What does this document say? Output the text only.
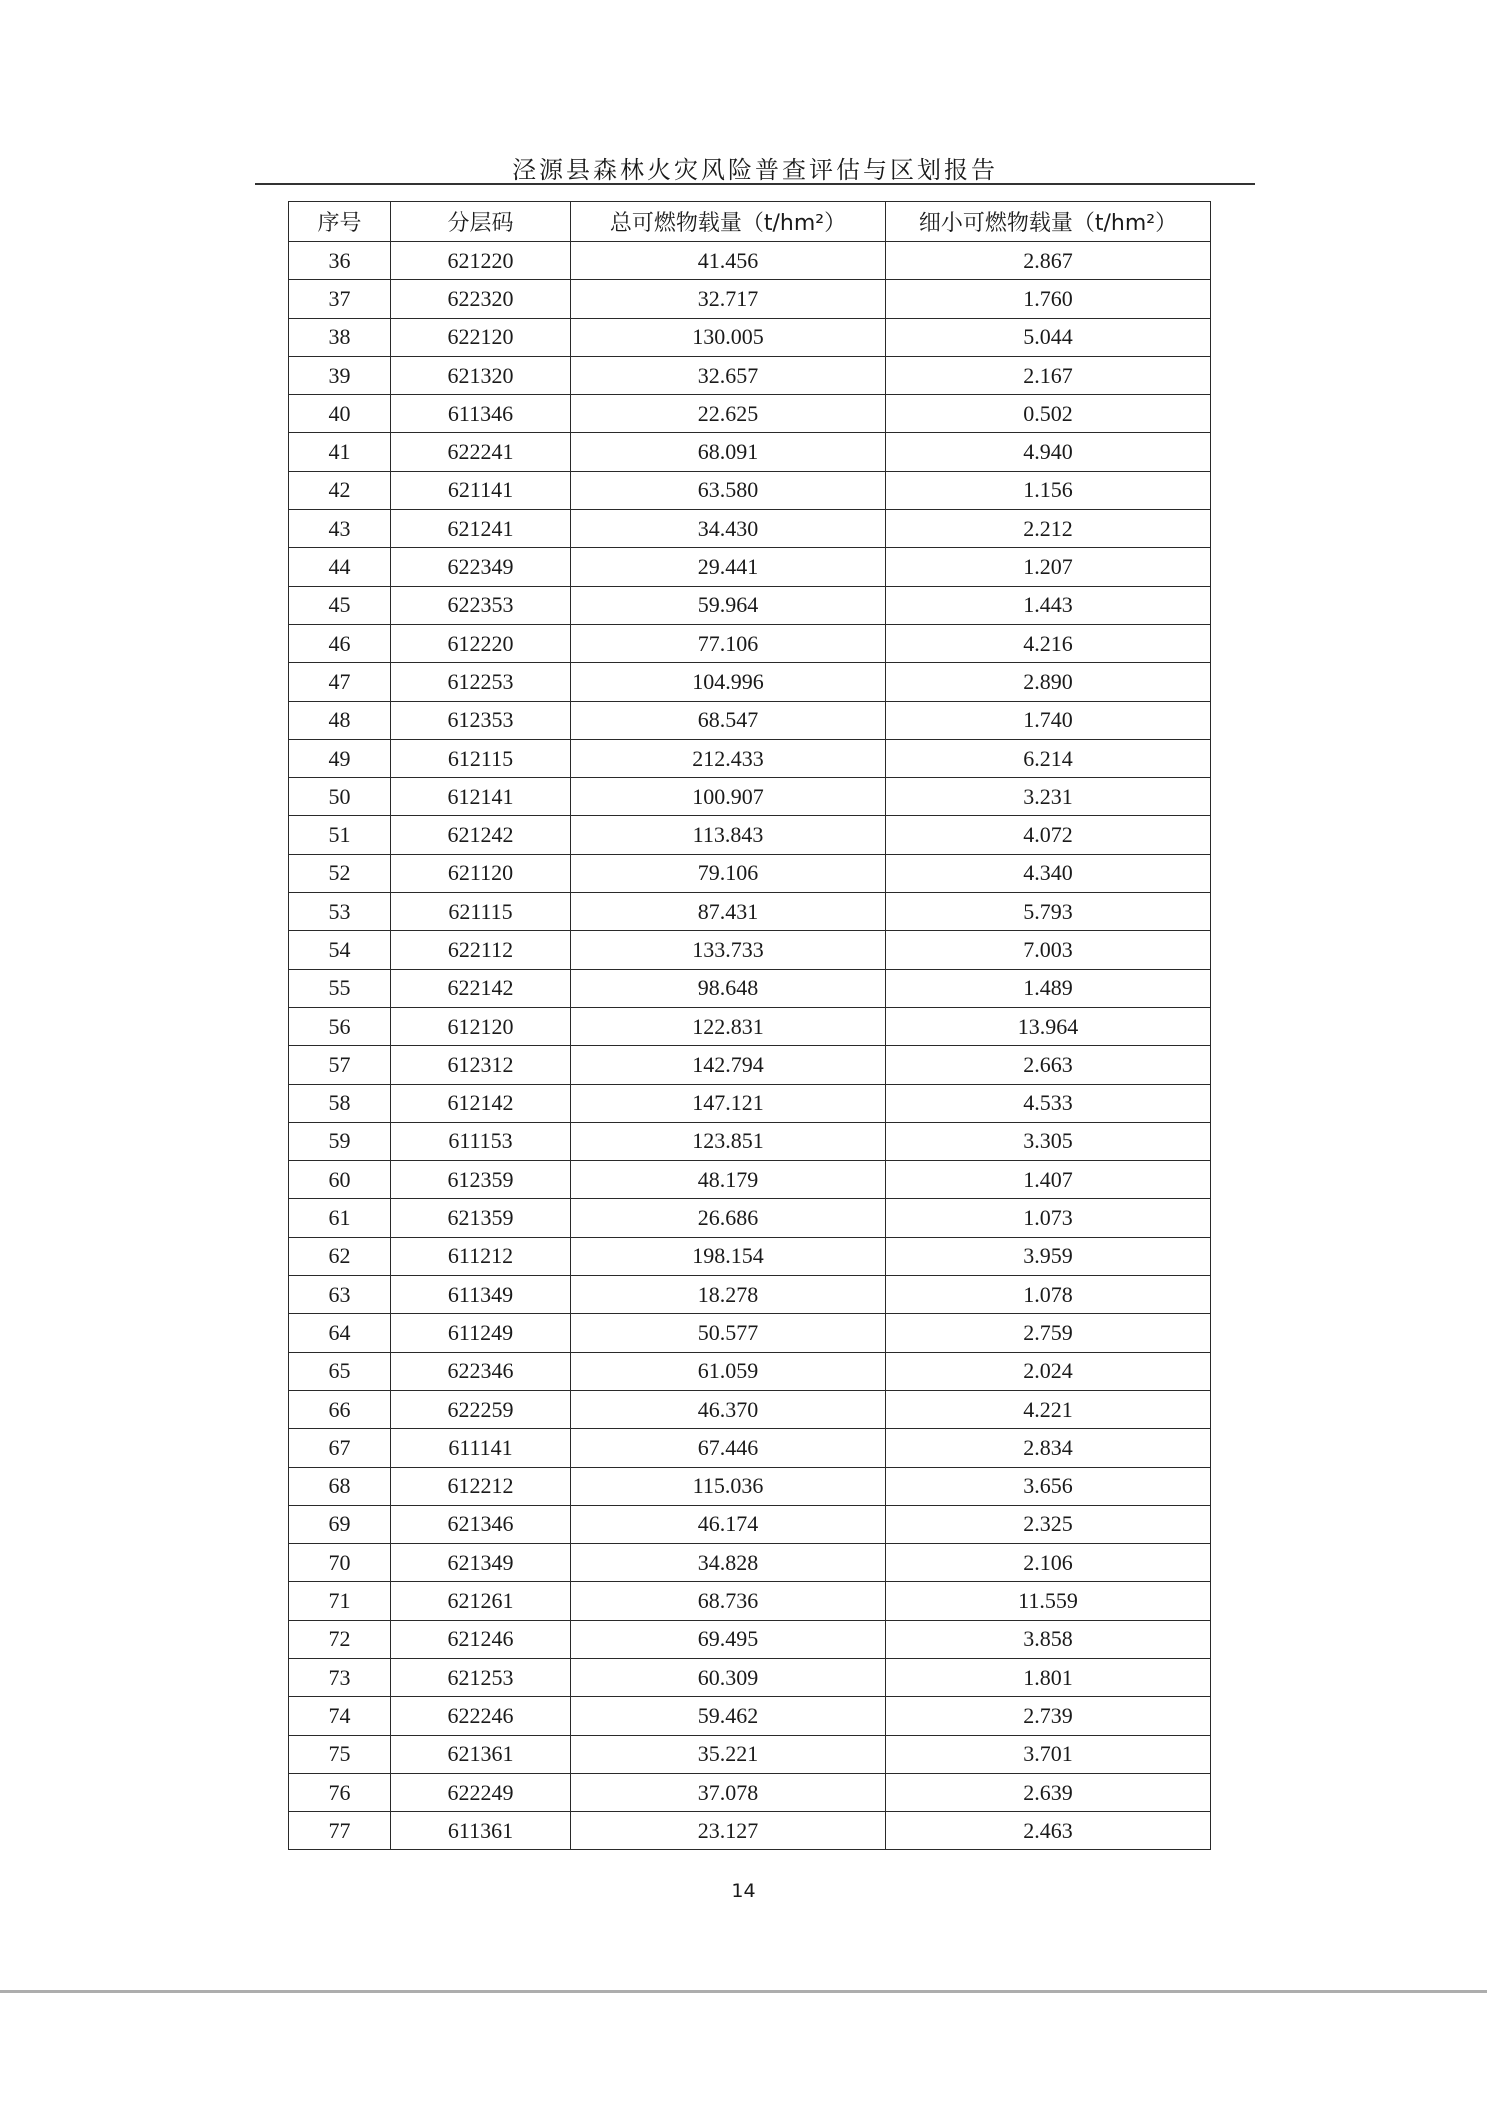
泾源县森林火灾风险普查评估与区划报告
序号	分层码	总可燃物载量（t/hm²）	细小可燃物载量（t/hm²）
36	621220	41.456	2.867
37	622320	32.717	1.760
38	622120	130.005	5.044
39	621320	32.657	2.167
40	611346	22.625	0.502
41	622241	68.091	4.940
42	621141	63.580	1.156
43	621241	34.430	2.212
44	622349	29.441	1.207
45	622353	59.964	1.443
46	612220	77.106	4.216
47	612253	104.996	2.890
48	612353	68.547	1.740
49	612115	212.433	6.214
50	612141	100.907	3.231
51	621242	113.843	4.072
52	621120	79.106	4.340
53	621115	87.431	5.793
54	622112	133.733	7.003
55	622142	98.648	1.489
56	612120	122.831	13.964
57	612312	142.794	2.663
58	612142	147.121	4.533
59	611153	123.851	3.305
60	612359	48.179	1.407
61	621359	26.686	1.073
62	611212	198.154	3.959
63	611349	18.278	1.078
64	611249	50.577	2.759
65	622346	61.059	2.024
66	622259	46.370	4.221
67	611141	67.446	2.834
68	612212	115.036	3.656
69	621346	46.174	2.325
70	621349	34.828	2.106
71	621261	68.736	11.559
72	621246	69.495	3.858
73	621253	60.309	1.801
74	622246	59.462	2.739
75	621361	35.221	3.701
76	622249	37.078	2.639
77	611361	23.127	2.463
14
